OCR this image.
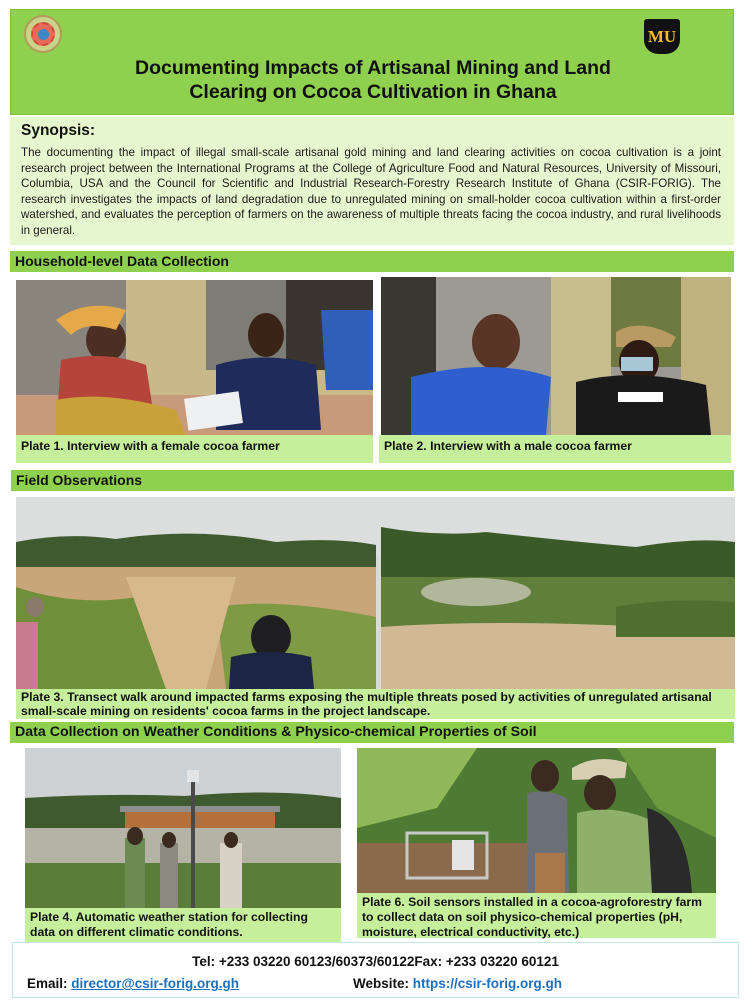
MU
Documenting Impacts of Artisanal Mining and Land
Clearing on Cocoa Cultivation in Ghana
Synopsis:

The documenting the impact of illegal small-scale artisanal gold mining and land clearing activities on cocoa cultivation is a joint research project between the International Programs at the College of Agriculture Food and Natural Resources, University of Missouri, Columbia, USA and the Council for Scientific and Industrial Research-Forestry Research Institute of Ghana (CSIR-FORIG). The research investigates the impacts of land degradation due to unregulated mining on small-holder cocoa cultivation within a first-order watershed, and evaluates the perception of farmers on the awareness of multiple threats facing the cocoa industry, and rural livelihoods in general.

Household-level Data Collection
Plate 1. Interview with a female cocoa farmer	Plate 2. Interview with a male cocoa farmer
Field Observations
Plate 3. Transect walk around impacted farms exposing the multiple threats posed by activities of unregulated artisanal small-scale mining on residents' cocoa farms in the project landscape.
Data Collection on Weather Conditions & Physico-chemical Properties of Soil
Plate 4. Automatic weather station for collecting data on different climatic conditions.
Plate 6. Soil sensors installed in a cocoa-agroforestry farm to collect data on soil physico-chemical properties (pH, moisture, electrical conductivity, etc.)
Tel: +233 03220 60123/60373/60122Fax: +233 03220 60121
Email: director@csir-forig.org.gh	Website: https://csir-forig.org.gh
